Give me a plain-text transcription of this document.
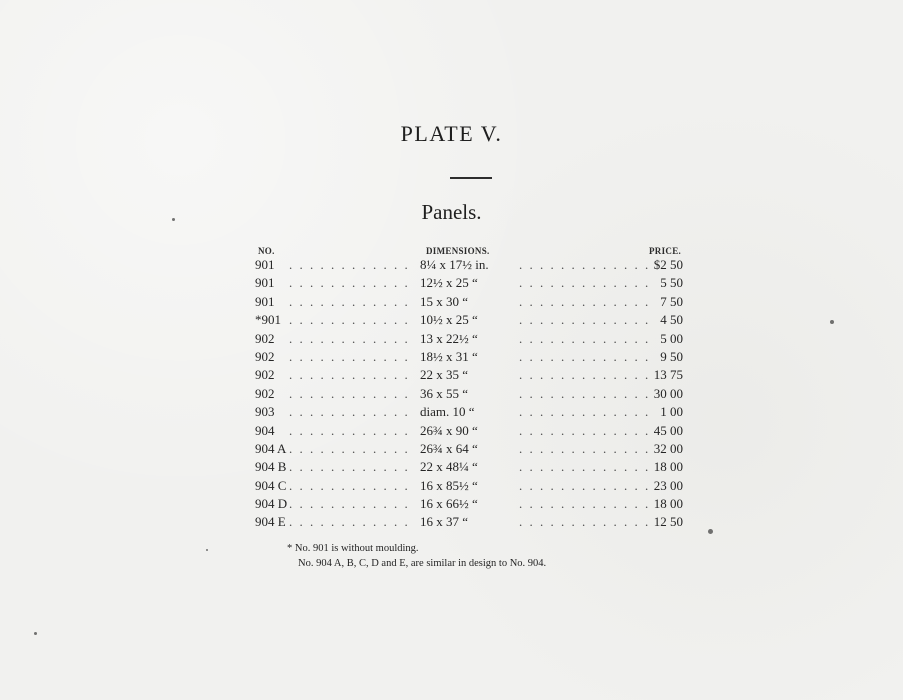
PLATE V.
Panels.
NO.	DIMENSIONS.	PRICE.
901	. . . . . . . . . . . . 8¼ x 17½ in.	. . . . . . . . . . . . . $2 50
901	. . . . . . . . . . . . 12½ x 25 “	. . . . . . . . . . . . . 5 50
901	. . . . . . . . . . . . 15 x 30 “	. . . . . . . . . . . . . 7 50
*901 . . . . . . . . . . . . 10½ x 25 “	. . . . . . . . . . . . . 4 50
902	. . . . . . . . . . . . 13 x 22½ “	. . . . . . . . . . . . . 5 00
902	. . . . . . . . . . . . 18½ x 31 “	. . . . . . . . . . . . . 9 50
902	. . . . . . . . . . . . 22 x 35 “	. . . . . . . . . . . . . 13 75
902	. . . . . . . . . . . . 36 x 55 “	. . . . . . . . . . . . . 30 00
903	. . . . . . . . . . . . diam. 10 “	. . . . . . . . . . . . . 1 00
904	. . . . . . . . . . . . 26¾ x 90 “	. . . . . . . . . . . . . 45 00
904 A . . . . . . . . . . . . 26¾ x 64 “	. . . . . . . . . . . . . 32 00
904 B . . . . . . . . . . . . 22 x 48¼ “	. . . . . . . . . . . . . 18 00
904 C . . . . . . . . . . . . 16 x 85½ “	. . . . . . . . . . . . . 23 00
904 D . . . . . . . . . . . . 16 x 66½ “	. . . . . . . . . . . . . 18 00
904 E . . . . . . . . . . . . 16 x 37 “	. . . . . . . . . . . . . 12 50
* No. 901 is without moulding.
No. 904 A, B, C, D and E, are similar in design to No. 904.
